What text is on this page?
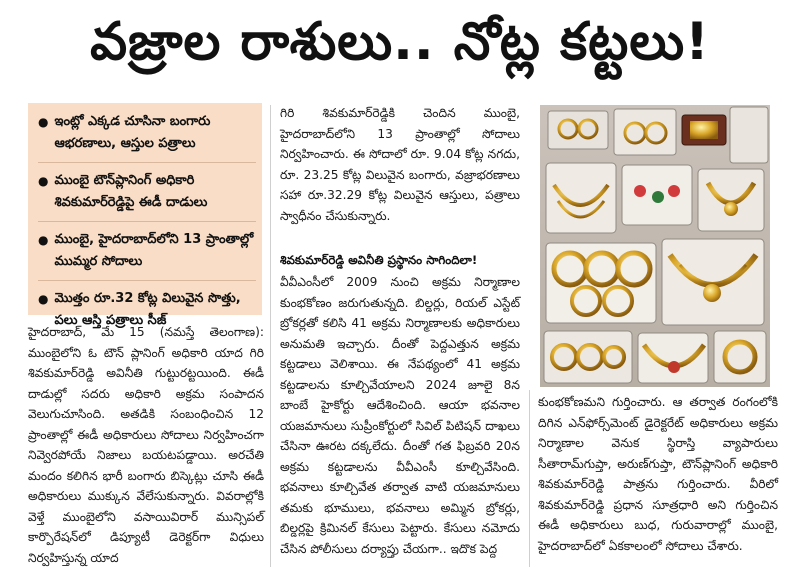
వజ్రాల రాశులు.. నోట్ల కట్టలు!
● ఇంట్లో ఎక్కడ చూసినా బంగారు ఆభరణాలు, ఆస్తుల పత్రాలు
● ముంబై టౌన్‌ప్లానింగ్ అధికారి శివకుమార్‌రెడ్డిపై ఈడీ దాడులు
● ముంబై, హైదరాబాద్‌లోని 13 ప్రాంతాల్లో ముమ్మర సోదాలు
● మొత్తం రూ.32 కోట్ల విలువైన సొత్తు, పలు ఆస్తి పత్రాలు సీజ్

హైదరాబాద్, మే 15 (నమస్తే తెలంగాణ): ముంబైలోని ఓ టౌన్ ప్లానింగ్ అధికారి యాద గిరి శివకుమార్‌రెడ్డి అవినీతి గుట్టురట్టయింది. ఈడీ దాడుల్లో సదరు అధికారి అక్రమ సంపాదన వెలుగుచూసింది. అతడికి సంబంధించిన 12 ప్రాంతాల్లో ఈడీ అధికారులు సోదాలు నిర్వహించగా నివ్వెరపోయే నిజాలు బయటపడ్డాయి. అరచేతి మందం కలిగిన భారీ బంగారు బిస్కెట్లు చూసి ఈడీ అధికారులు ముక్కున వేలేసుకున్నారు. వివరాల్లోకి వెళ్తే ముంబైలోని వసాయివిరార్ మున్సిపల్ కార్పొరేషన్‌లో డిప్యూటీ డెరెక్టర్‌గా విధులు నిర్వహిస్తున్న యాద

గిరి శివకుమార్‌రెడ్డికి చెందిన ముంబై, హైదరాబాద్‌లోని 13 ప్రాంతాల్లో సోదాలు నిర్వహించారు. ఈ సోదాలో రూ. 9.04 కోట్ల నగదు, రూ. 23.25 కోట్ల విలువైన బంగారు, వజ్రాభరణాలు సహా రూ.32.29 కోట్ల విలువైన ఆస్తులు, పత్రాలు స్వాధీనం చేసుకున్నారు.

శివకుమార్‌రెడ్డి అవినీతి ప్రస్థానం సాగిందిలా!

వీవీఎంసీలో 2009 నుంచి అక్రమ నిర్మాణాల కుంభకోణం జరుగుతున్నది. బిల్డర్లు, రియల్ ఎస్టేట్ బ్రోకర్లతో కలిసి 41 అక్రమ నిర్మాణాలకు అధికారులు అనుమతి ఇచ్చారు. దీంతో పెద్దఎత్తున అక్రమ కట్టడాలు వెలిశాయి. ఈ నేపథ్యంలో 41 అక్రమ కట్టడాలను కూల్చివేయాలని 2024 జూలై 8న బాంబే హైకోర్టు ఆదేశించింది. ఆయా భవనాల యజమానులు సుప్రీంకోర్టులో సివిల్ పిటిషన్ దాఖలు చేసినా ఊరట దక్కలేదు. దీంతో గత ఫిబ్రవరి 20న అక్రమ కట్టడాలను వీవీఎంసీ కూల్చివేసింది. భవనాలు కూల్చివేత తర్వాత వాటి యజమానులు తమకు భూములు, భవనాలు అమ్మిన బ్రోకర్లు, బిల్డర్లపై క్రిమినల్ కేసులు పెట్టారు. కేసులు నమోదు చేసిన పోలీసులు దర్యాప్తు చేయగా.. ఇదొక పెద్ద

కుంభకోణమని గుర్తించారు. ఆ తర్వాత రంగంలోకి దిగిన ఎన్‌ఫోర్స్‌మెంట్ డైరెక్టరేట్ అధికారులు అక్రమ నిర్మాణాల వెనుక స్థిరాస్తి వ్యాపారులు సీతారామ్‌గుప్తా, అరుణ్‌గుప్తా, టౌన్‌ప్లానింగ్ అధికారి శివకుమార్‌రెడ్డి పాత్రను గుర్తించారు. వీరిలో శివకుమార్‌రెడ్డి ప్రధాన సూత్రధారి అని గుర్తించిన ఈడీ అధికారులు బుధ, గురువారాల్లో ముంబై, హైదరాబాద్‌లో ఏకకాలంలో సోదాలు చేశారు.
